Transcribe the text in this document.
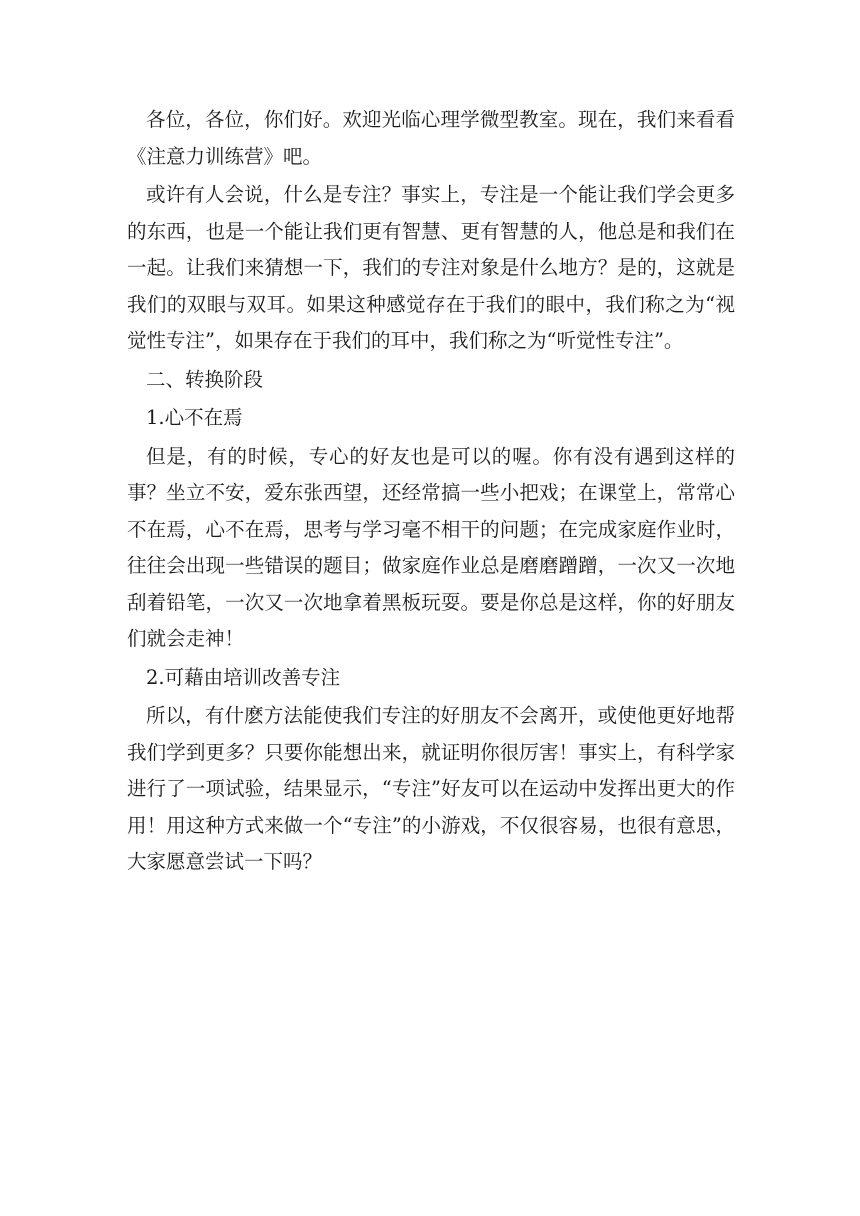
各位，各位，你们好。欢迎光临心理学微型教室。现在，我们来看看《注意力训练营》吧。

或许有人会说，什么是专注？事实上，专注是一个能让我们学会更多的东西，也是一个能让我们更有智慧、更有智慧的人，他总是和我们在一起。让我们来猜想一下，我们的专注对象是什么地方？是的，这就是我们的双眼与双耳。如果这种感觉存在于我们的眼中，我们称之为“视觉性专注”，如果存在于我们的耳中，我们称之为“听觉性专注”。

二、转换阶段

1.心不在焉

但是，有的时候，专心的好友也是可以的喔。你有没有遇到这样的事？坐立不安，爱东张西望，还经常搞一些小把戏；在课堂上，常常心不在焉，心不在焉，思考与学习毫不相干的问题；在完成家庭作业时，往往会出现一些错误的题目；做家庭作业总是磨磨蹭蹭，一次又一次地刮着铅笔，一次又一次地拿着黑板玩耍。要是你总是这样，你的好朋友们就会走神！

2.可藉由培训改善专注

所以，有什麽方法能使我们专注的好朋友不会离开，或使他更好地帮我们学到更多？只要你能想出来，就证明你很厉害！事实上，有科学家进行了一项试验，结果显示，“专注”好友可以在运动中发挥出更大的作用！用这种方式来做一个“专注”的小游戏，不仅很容易，也很有意思，大家愿意尝试一下吗？
